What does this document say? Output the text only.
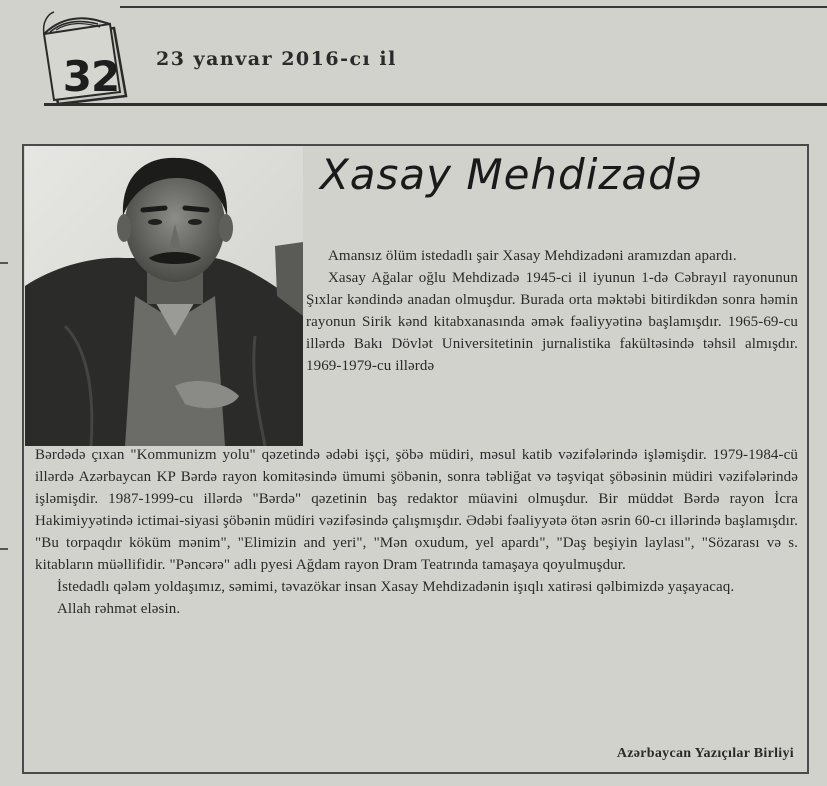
32	23 yanvar 2016-cı il
Xasay Mehdizadə

Amansız ölüm istedadlı şair Xasay Mehdizadəni aramızdan apardı.

Xasay Ağalar oğlu Mehdizadə 1945-ci il iyunun 1-də Cəbrayıl rayonunun Şıxlar kəndində anadan olmuşdur. Burada orta məktəbi bitirdikdən sonra həmin rayonun Sirik kənd kitabxanasında əmək fəaliyyətinə başlamışdır. 1965-69-cu illərdə Bakı Dövlət Universitetinin jurnalistika fakültəsində təhsil almışdır. 1969-1979-cu illərdə

Bərdədə çıxan "Kommunizm yolu" qəzetində ədəbi işçi, şöbə müdiri, məsul katib vəzifələrində işləmişdir. 1979-1984-cü illərdə Azərbaycan KP Bərdə rayon komitəsində ümumi şöbənin, sonra təbliğat və təşviqat şöbəsinin müdiri vəzifələrində işləmişdir. 1987-1999-cu illərdə "Bərdə" qəzetinin baş redaktor müavini olmuşdur. Bir müddət Bərdə rayon İcra Hakimiyyətində ictimai-siyasi şöbənin müdiri vəzifəsində çalışmışdır. Ədəbi fəaliyyətə ötən əsrin 60-cı illərində başlamışdır. "Bu torpaqdır köküm mənim", "Elimizin and yeri", "Mən oxudum, yel apardı", "Daş beşiyin laylası", "Sözarası və s. kitabların müəllifidir. "Pəncərə" adlı pyesi Ağdam rayon Dram Teatrında tamaşaya qoyulmuşdur.

İstedadlı qələm yoldaşımız, səmimi, təvazökar insan Xasay Mehdizadənin işıqlı xatirəsi qəlbimizdə yaşayacaq.

Allah rəhmət eləsin.

Azərbaycan Yazıçılar Birliyi
